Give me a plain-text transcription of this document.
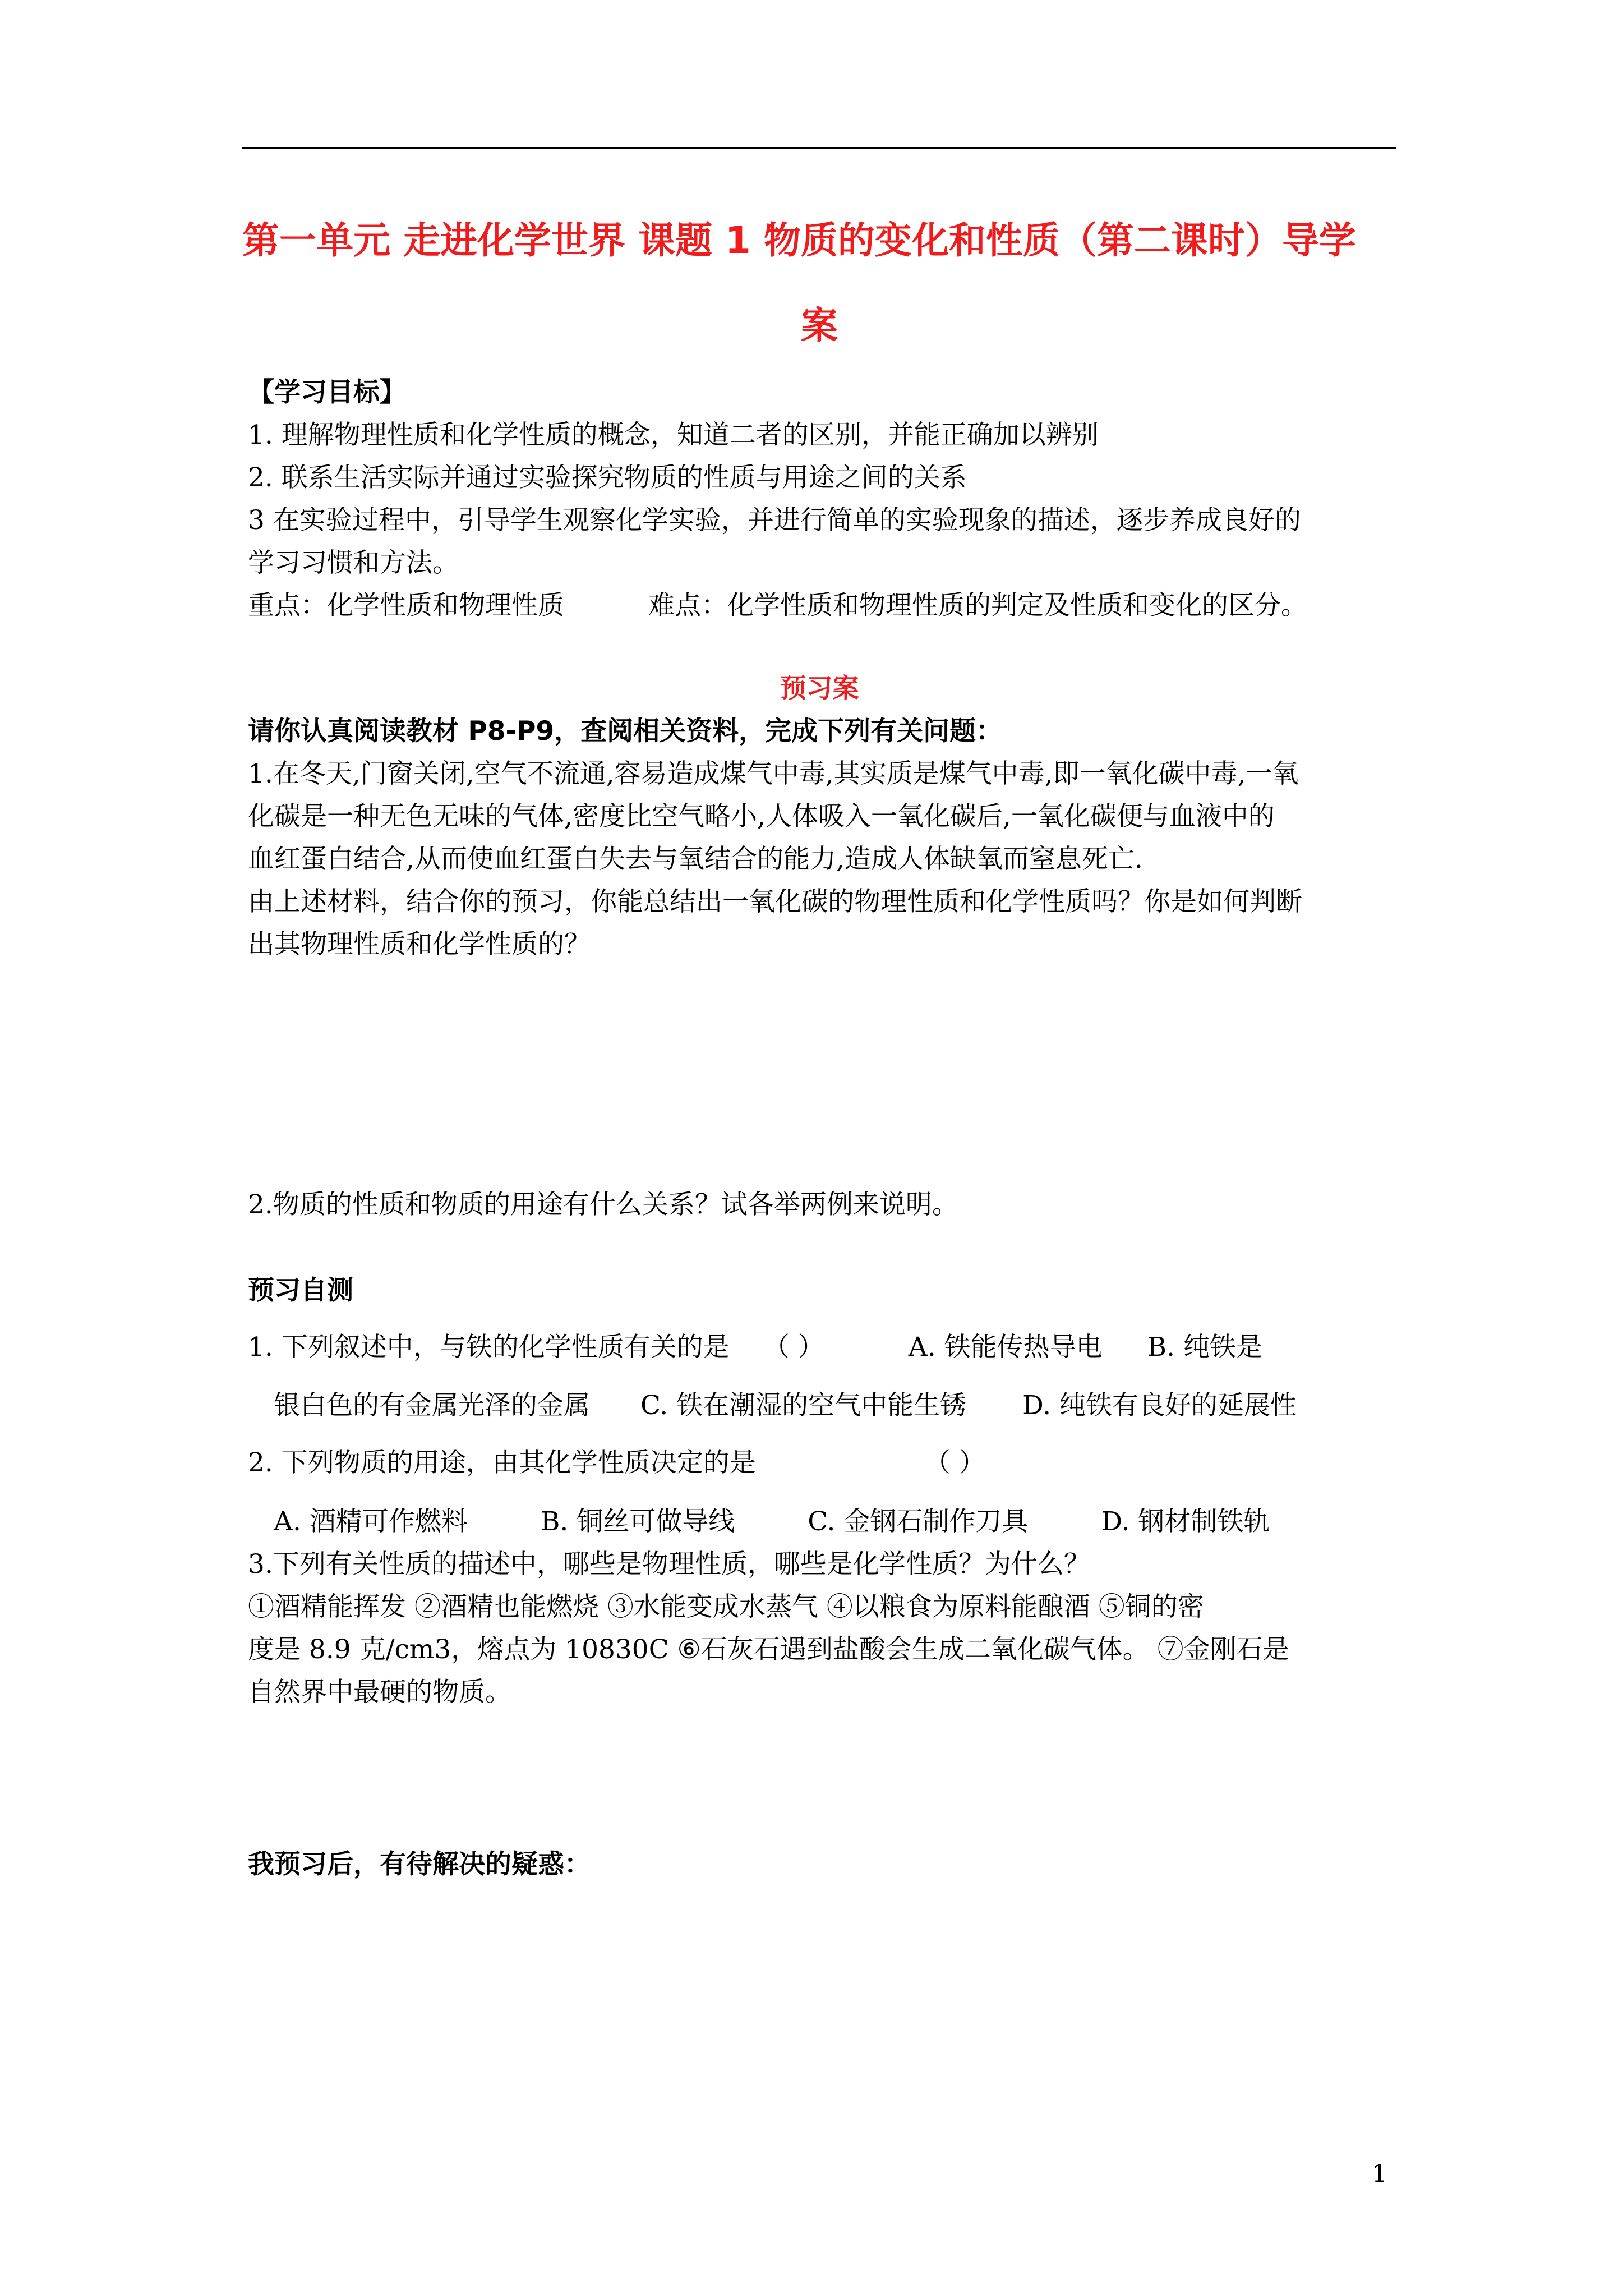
第一单元 走进化学世界 课题 1 物质的变化和性质（第二课时）导学
案
【学习目标】
1. 理解物理性质和化学性质的概念，知道二者的区别，并能正确加以辨别
2. 联系生活实际并通过实验探究物质的性质与用途之间的关系
3 在实验过程中，引导学生观察化学实验，并进行简单的实验现象的描述，逐步养成良好的
学习习惯和方法。
重点：化学性质和物理性质	难点：化学性质和物理性质的判定及性质和变化的区分。
预习案
请你认真阅读教材 P8-P9，查阅相关资料，完成下列有关问题：
1.在冬天,门窗关闭,空气不流通,容易造成煤气中毒,其实质是煤气中毒,即一氧化碳中毒,一氧
化碳是一种无色无味的气体,密度比空气略小,人体吸入一氧化碳后,一氧化碳便与血液中的
血红蛋白结合,从而使血红蛋白失去与氧结合的能力,造成人体缺氧而窒息死亡.
由上述材料，结合你的预习，你能总结出一氧化碳的物理性质和化学性质吗？你是如何判断
出其物理性质和化学性质的？
2.物质的性质和物质的用途有什么关系？试各举两例来说明。
预习自测
1. 下列叙述中，与铁的化学性质有关的是 （ ）	A. 铁能传热导电 B. 纯铁是
银白色的有金属光泽的金属 C. 铁在潮湿的空气中能生锈 D. 纯铁有良好的延展性
2. 下列物质的用途，由其化学性质决定的是	（ ）
A. 酒精可作燃料	B. 铜丝可做导线	C. 金钢石制作刀具	D. 钢材制铁轨
3.下列有关性质的描述中，哪些是物理性质，哪些是化学性质？为什么？
①酒精能挥发 ②酒精也能燃烧 ③水能变成水蒸气 ④以粮食为原料能酿酒 ⑤铜的密
度是 8.9 克/cm3，熔点为 10830C ⑥石灰石遇到盐酸会生成二氧化碳气体。 ⑦金刚石是
自然界中最硬的物质。
我预习后，有待解决的疑惑：
1
